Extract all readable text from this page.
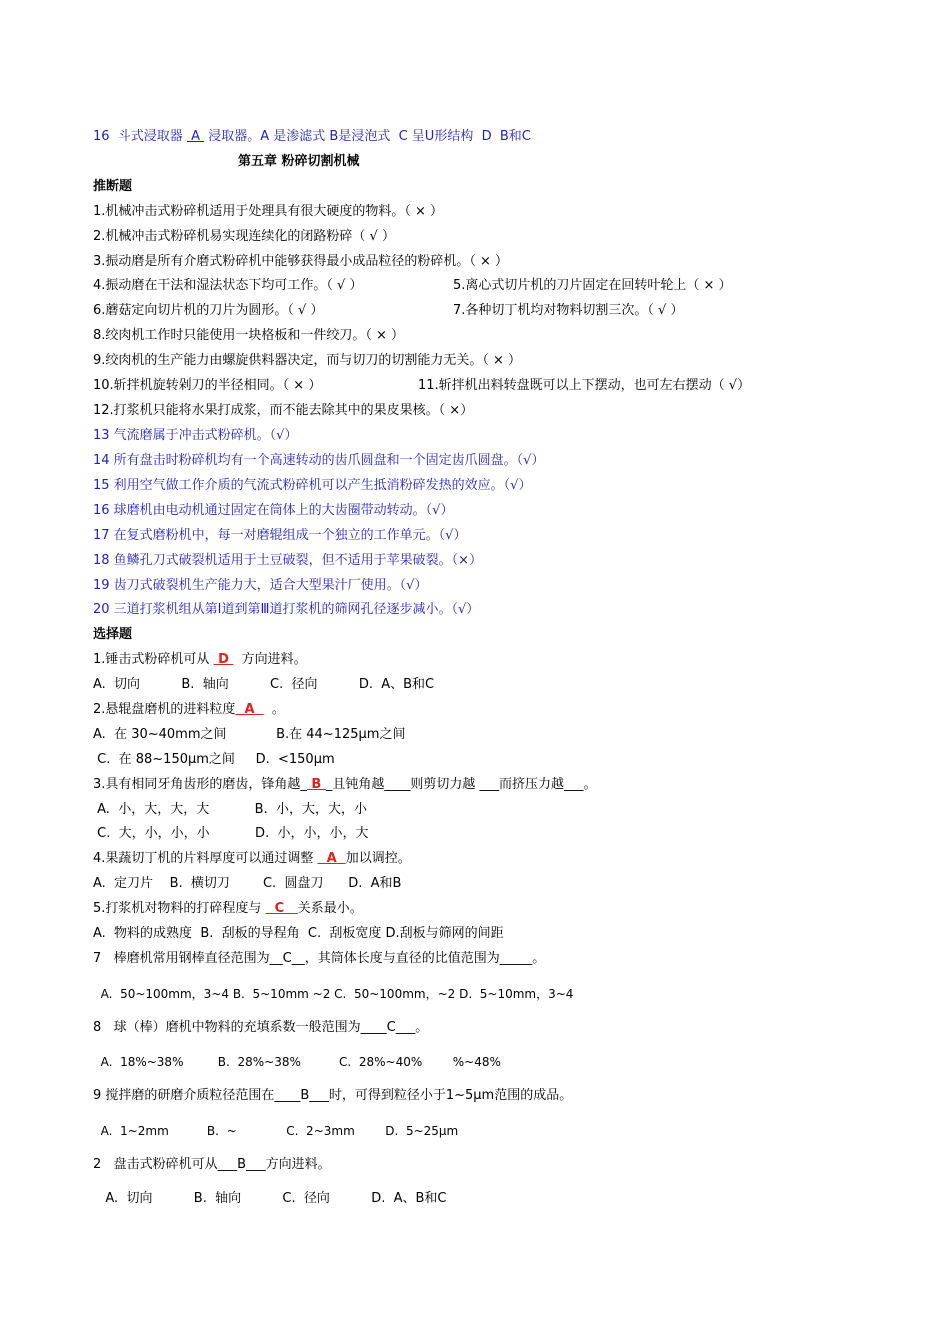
16  斗式浸取器  A  浸取器。A 是渗滤式 B是浸泡式  C 呈U形结构  D  B和C
第五章 粉碎切割机械
推断题
1.机械冲击式粉碎机适用于处理具有很大硬度的物料。（ × ）
2.机械冲击式粉碎机易实现连续化的闭路粉碎（ √ ）
3.振动磨是所有介磨式粉碎机中能够获得最小成品粒径的粉碎机。（ × ）
4.振动磨在干法和湿法状态下均可工作。（ √ ）	5.离心式切片机的刀片固定在回转叶轮上（ × ）
6.蘑菇定向切片机的刀片为圆形。（ √ ）	7.各种切丁机均对物料切割三次。（ √ ）
8.绞肉机工作时只能使用一块格板和一件绞刀。（ × ）
9.绞肉机的生产能力由螺旋供料器决定，而与切刀的切割能力无关。（ × ）
10.斩拌机旋转剁刀的半径相同。（ × ）	11.斩拌机出料转盘既可以上下摆动，也可左右摆动（ √）
12.打浆机只能将水果打成浆，而不能去除其中的果皮果核。（ ×）
13 气流磨属于冲击式粉碎机。（√）
14 所有盘击时粉碎机均有一个高速转动的齿爪圆盘和一个固定齿爪圆盘。（√）
15 利用空气做工作介质的气流式粉碎机可以产生抵消粉碎发热的效应。（√）
16 球磨机由电动机通过固定在筒体上的大齿圈带动转动。（√）
17 在复式磨粉机中，每一对磨辊组成一个独立的工作单元。（√）
18 鱼鳞孔刀式破裂机适用于土豆破裂，但不适用于苹果破裂。（×）
19 齿刀式破裂机生产能力大，适合大型果汁厂使用。（√）
20 三道打浆机组从第Ⅰ道到第Ⅲ道打浆机的筛网孔径逐步减小。（√）
选择题
1.锤击式粉碎机可从  D   方向进料。
A.  切向          B.  轴向          C.  径向          D.  A、B和C
2.悬辊盘磨机的进料粒度  A    。
A.  在 30~40mm之间            B.在 44~125μm之间
C.  在 88~150μm之间     D.  <150μm
3.具有相同牙角齿形的磨齿，锋角越_ B _且钝角越____则剪切力越 ___而挤压力越___。
A.  小，大，大，大           B.  小，大，大，小
C.  大，小，小，小           D.  小，小，小，大
4.果蔬切丁机的片料厚度可以通过调整   A  加以调控。
A.  定刀片    B.  横切刀        C.  圆盘刀      D.  A和B
5.打浆机对物料的打碎程度与   C   关系最小。
A.  物料的成熟度  B.  刮板的导程角  C.  刮板宽度 D.刮板与筛网的间距
7   棒磨机常用钢棒直径范围为__C__，其筒体长度与直径的比值范围为_____。
A.  50~100mm，3~4 B.  5~10mm ~2 C.  50~100mm，~2 D.  5~10mm，3~4
8   球（棒）磨机中物料的充填系数一般范围为____C___。
A.  18%~38%         B.  28%~38%          C.  28%~40%        %~48%
9 搅拌磨的研磨介质粒径范围在____B___时，可得到粒径小于1~5μm范围的成品。
A.  1~2mm          B.  ~             C.  2~3mm        D.  5~25μm
2   盘击式粉碎机可从___B___方向进料。
A.  切向          B.  轴向          C.  径向          D.  A、B和C
